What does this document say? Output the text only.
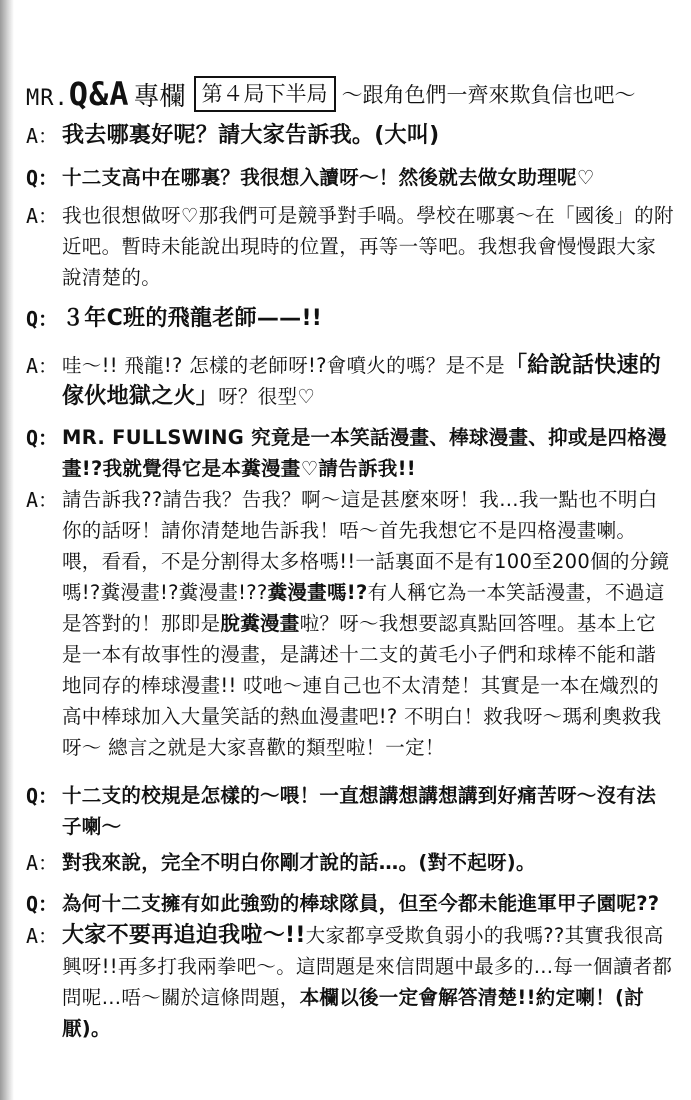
MR.Q&A 專欄 第４局下半局 ～跟角色們一齊來欺負信也吧～
A： 我去哪裏好呢？請大家告訴我。(大叫)
Q： 十二支高中在哪裏？我很想入讀呀～！然後就去做女助理呢♡
A： 我也很想做呀♡那我們可是競爭對手喎。學校在哪裏～在「國後」的附近吧。暫時未能說出現時的位置，再等一等吧。我想我會慢慢跟大家說清楚的。
Q： ３年C班的飛龍老師——!!
A： 哇～!! 飛龍!? 怎樣的老師呀!?會噴火的嗎？是不是「給說話快速的傢伙地獄之火」呀？很型♡
Q： MR. FULLSWING 究竟是一本笑話漫畫、棒球漫畫、抑或是四格漫畫!?我就覺得它是本糞漫畫♡請告訴我!!
A： 請告訴我??請告我？告我？啊～這是甚麼來呀！我…我一點也不明白你的話呀！請你清楚地告訴我！唔～首先我想它不是四格漫畫喇。喂，看看，不是分割得太多格嗎!!一話裏面不是有100至200個的分鏡嗎!?糞漫畫!?糞漫畫!??糞漫畫嗎!?有人稱它為一本笑話漫畫，不過這是答對的！那即是脫糞漫畫啦？呀～我想要認真點回答哩。基本上它是一本有故事性的漫畫，是講述十二支的黃毛小子們和球棒不能和諧地同存的棒球漫畫!! 哎吔～連自己也不太清楚！其實是一本在熾烈的高中棒球加入大量笑話的熱血漫畫吧!? 不明白！救我呀～瑪利奧救我呀～ 總言之就是大家喜歡的類型啦！一定！
Q： 十二支的校規是怎樣的～喂！一直想講想講想講到好痛苦呀～沒有法子喇～
A： 對我來說，完全不明白你剛才說的話…。(對不起呀)。
Q： 為何十二支擁有如此強勁的棒球隊員，但至今都未能進軍甲子園呢??
A： 大家不要再追迫我啦～!!大家都享受欺負弱小的我嗎??其實我很高興呀!!再多打我兩拳吧～。這問題是來信問題中最多的…每一個讀者都問呢…唔～關於這條問題，本欄以後一定會解答清楚!!約定喇！(討厭)。
